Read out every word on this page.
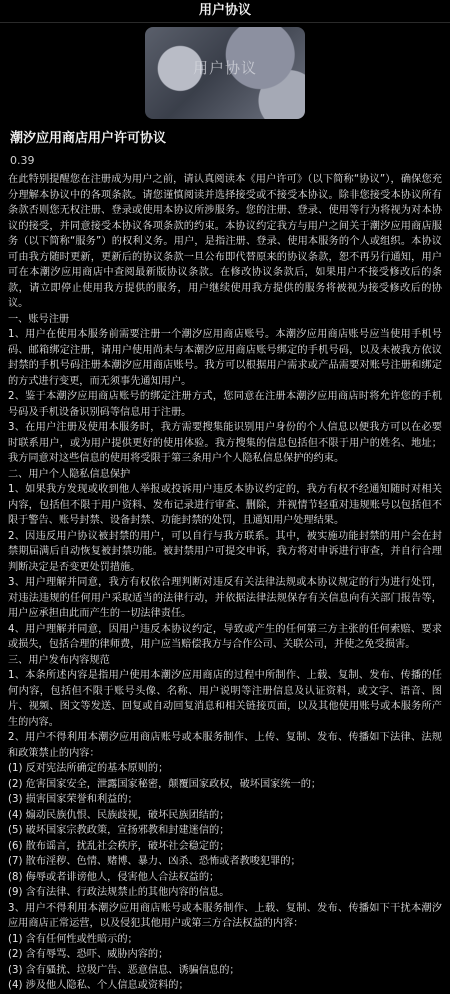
用户协议
用户协议
潮汐应用商店用户许可协议
0.39

在此特别提醒您在注册成为用户之前，请认真阅读本《用户许可》（以下简称“协议”），确保您充分理解本协议中的各项条款。请您谨慎阅读并选择接受或不接受本协议。除非您接受本协议所有条款否则您无权注册、登录或使用本协议所涉服务。您的注册、登录、使用等行为将视为对本协议的接受，并同意接受本协议各项条款的约束。本协议约定我方与用户之间关于潮汐应用商店服务（以下简称“服务”）的权利义务。用户，是指注册、登录、使用本服务的个人或组织。本协议可由我方随时更新，更新后的协议条款一旦公布即代替原来的协议条款，恕不再另行通知，用户可在本潮汐应用商店中查阅最新版协议条款。在修改协议条款后，如果用户不接受修改后的条款，请立即停止使用我方提供的服务，用户继续使用我方提供的服务将被视为接受修改后的协议。

一、账号注册

1、用户在使用本服务前需要注册一个潮汐应用商店账号。本潮汐应用商店账号应当使用手机号码、邮箱绑定注册，请用户使用尚未与本潮汐应用商店账号绑定的手机号码，以及未被我方依议封禁的手机号码注册本潮汐应用商店账号。我方可以根据用户需求或产品需要对账号注册和绑定的方式进行变更，而无须事先通知用户。

2、鉴于本潮汐应用商店账号的绑定注册方式，您同意在注册本潮汐应用商店时将允许您的手机号码及手机设备识别码等信息用于注册。

3、在用户注册及使用本服务时，我方需要搜集能识别用户身份的个人信息以便我方可以在必要时联系用户，或为用户提供更好的使用体验。我方搜集的信息包括但不限于用户的姓名、地址；我方同意对这些信息的使用将受限于第三条用户个人隐私信息保护的约束。

二、用户个人隐私信息保护

1、如果我方发现或收到他人举报或投诉用户违反本协议约定的，我方有权不经通知随时对相关内容，包括但不限于用户资料、发布记录进行审查、删除，并视情节轻重对违规账号以包括但不限于警告、账号封禁、设备封禁、功能封禁的处罚，且通知用户处理结果。

2、因违反用户协议被封禁的用户，可以自行与我方联系。其中，被实施功能封禁的用户会在封禁期届满后自动恢复被封禁功能。被封禁用户可提交申诉，我方将对申诉进行审查，并自行合理判断决定是否变更处罚措施。

3、用户理解并同意，我方有权依合理判断对违反有关法律法规或本协议规定的行为进行处罚，对违法违规的任何用户采取适当的法律行动，并依据法律法规保存有关信息向有关部门报告等，用户应承担由此而产生的一切法律责任。

4、用户理解并同意，因用户违反本协议约定，导致或产生的任何第三方主张的任何索赔、要求或损失，包括合理的律师费，用户应当赔偿我方与合作公司、关联公司，并使之免受损害。

三、用户发布内容规范

1、本条所述内容是指用户使用本潮汐应用商店的过程中所制作、上载、复制、发布、传播的任何内容，包括但不限于账号头像、名称、用户说明等注册信息及认证资料，或文字、语音、图片、视频、图文等发送、回复或自动回复消息和相关链接页面，以及其他使用账号或本服务所产生的内容。

2、用户不得利用本潮汐应用商店账号或本服务制作、上传、复制、发布、传播如下法律、法规和政策禁止的内容：

(1) 反对宪法所确定的基本原则的；

(2) 危害国家安全，泄露国家秘密，颠覆国家政权，破坏国家统一的；

(3) 损害国家荣誉和利益的；

(4) 煽动民族仇恨、民族歧视，破坏民族团结的；

(5) 破坏国家宗教政策，宣扬邪教和封建迷信的；

(6) 散布谣言，扰乱社会秩序，破坏社会稳定的；

(7) 散布淫秽、色情、赌博、暴力、凶杀、恐怖或者教唆犯罪的；

(8) 侮辱或者诽谤他人，侵害他人合法权益的；

(9) 含有法律、行政法规禁止的其他内容的信息。

3、用户不得利用本潮汐应用商店账号或本服务制作、上载、复制、发布、传播如下干扰本潮汐应用商店正常运营，以及侵犯其他用户或第三方合法权益的内容：

(1) 含有任何性或性暗示的；

(2) 含有辱骂、恐吓、威胁内容的；

(3) 含有骚扰、垃圾广告、恶意信息、诱骗信息的；

(4) 涉及他人隐私、个人信息或资料的；
